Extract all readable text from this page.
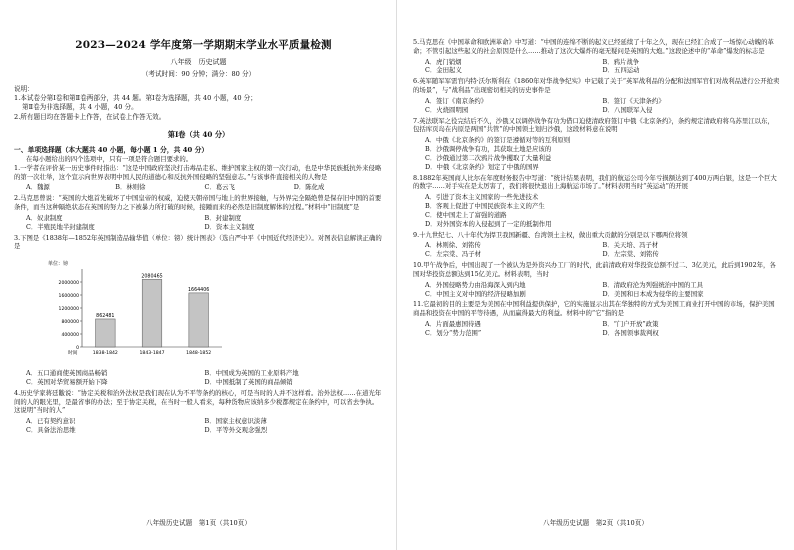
2023—2024 学年度第一学期期末学业水平质量检测
八年级　历史试题
（考试时间：90 分钟；满分：80 分）
说明：
1.本试卷分第Ⅰ卷和第Ⅱ卷两部分，共 44 题。第Ⅰ卷为选择题，共 40 小题，40 分；
第Ⅱ卷为非选择题，共 4 小题，40 分。
2.所有题目均在答题卡上作答，在试卷上作答无效。
第Ⅰ卷（共 40 分）
一、单项选择题（本大题共 40 小题，每小题 1 分，共 40 分）
在每小题给出的四个选项中，只有一项是符合题目要求的。
1.一学者在评价某一历史事件时指出：“这是中国政府坚决打击毒品走私、维护国家主权的第一次行动，也是中华民族抵抗外来侵略的第一次壮举，这个宣示向世界表明中国人民的道德心和反抗外国侵略的坚强意志。”与该事件直接相关的人物是
A．魏源	B．林则徐	C．葛云飞	D．陈化成
2.马克思曾说：“英国的大炮首先破坏了中国皇帝的权威，迫使天朝帝国与地上的世界接触，与外界完全隔绝曾是保存旧中国的首要条件，而当这种隔绝状态在英国的努力之下被暴力所打破的时候，接踵而来的必然是旧制度解体的过程。”材料中“旧制度”是
A．奴隶制度	B．封建制度
C．半殖民地半封建制度	D．资本主义制度
3.下图是《1838年—1852年英国制造品输华值（单位：镑）统计图表》（选自严中平《中国近代经济史》）。对图表信息解读正确的是
单位：镑
0
400000
800000
1200000
1600000
2000000
862481
1838-1842
2080465
1843-1847
1664406
1848-1852
时间
A．五口通商使英国商品畅销	B．中国成为英国的工业原料产地
C．英国对华贸易额开始下降	D．中国抵制了英国的商品倾销
4.历史学家蒋廷黻说：“协定关税和治外法权是我们现在认为不平等条约的核心，可是当时的人并不这样看。治外法权……在道光年间的人的眼光里，是最省事的办法；至于协定关税，在当时一般人看来，每种货物应该纳多少税都规定在条约中，可以省去争执。这说明“当时的人”
A．已有契约意识	B．国家主权意识淡薄
C．具备法治思维	D．平等外交观念强烈
八年级历史试题　第1页（共10页）
5.马克思在《中国革命和欧洲革命》中写道：“中国的连绵不断的起义已经延续了十年之久，现在已经汇合成了一场惊心动魄的革命；不管引起这些起义的社会原因是什么……推动了这次大爆炸的毫无疑问是英国的大炮。”这段论述中的“革命”爆发的标志是
A．虎门销烟	B．鸦片战争
C．金田起义	D．五四运动
6.英军随军军需官内特·沃尔斯利在《1860年对华战争纪实》中记载了关于“英军战利品的分配和法国军官们对战利品进行公开抢卖的场景”，与“战利品”出现密切相关的历史事件是
A．签订《南京条约》	B．签订《天津条约》
C．火烧圆明园	D．八国联军入侵
7.英法联军之役完结后不久，沙俄又以调停战争有功为借口迫使清政府签订中俄《北京条约》，条约规定清政府将乌苏里江以东，包括库页岛在内原是两国“共管”的中国领土划归沙俄，这段材料意在说明
A．中俄《北京条约》的签订是遵循对等的互利原则
B．沙俄调停战争有功，其获取土地是应该的
C．沙俄通过第二次鸦片战争攫取了大量利益
D．中俄《北京条约》划定了中俄的国界
8.1882年英国商人比尔在年度财务报告中写道：“统计结果表明，我们的航运公司今年亏损额达到了400万两白银，这是一个巨大的数字……对手实在是太厉害了，我们将很快退出上海航运市场了。”材料表明当时“英运动”的开展
A．引进了资本主义国家的一些先进技术
B．客观上促进了中国民族资本主义的产生
C．使中国走上了富强的道路
D．对外国资本的入侵起到了一定的抵制作用
9.十九世纪七、八十年代为捍卫我国新疆、台湾领土主权，做出重大贡献的分别是以下哪两位将领
A．林则徐、刘铭传	B．关天培、冯子材
C．左宗棠、冯子材	D．左宗棠、刘铭传
10.甲午战争后，中国出现了一个被认为是外资兴办工厂的时代，此前清政府对华投资总额不过二、3亿美元，此后到1902年，各国对华投资总额达到15亿美元。材料表明，当时
A．外国侵略势力由沿海深入到内地	B．清政府沦为列强统治中国的工具
C．中国主义对中国的经济侵略加剧	D．美国和日本成为侵华的主要国家
11.它最初的目的主要是为美国在中国利益提供保护，它的实施显示出其在华独特的方式为美国工商业打开中国的市场，保护美国商品和投资在中国的平等待遇，从而赢得最大的利益。材料中的“它”指的是
A．片面最惠国待遇	B．“门户开放”政策
C．划分“势力范围”	D．各国领事裁判权
八年级历史试题　第2页（共10页）
